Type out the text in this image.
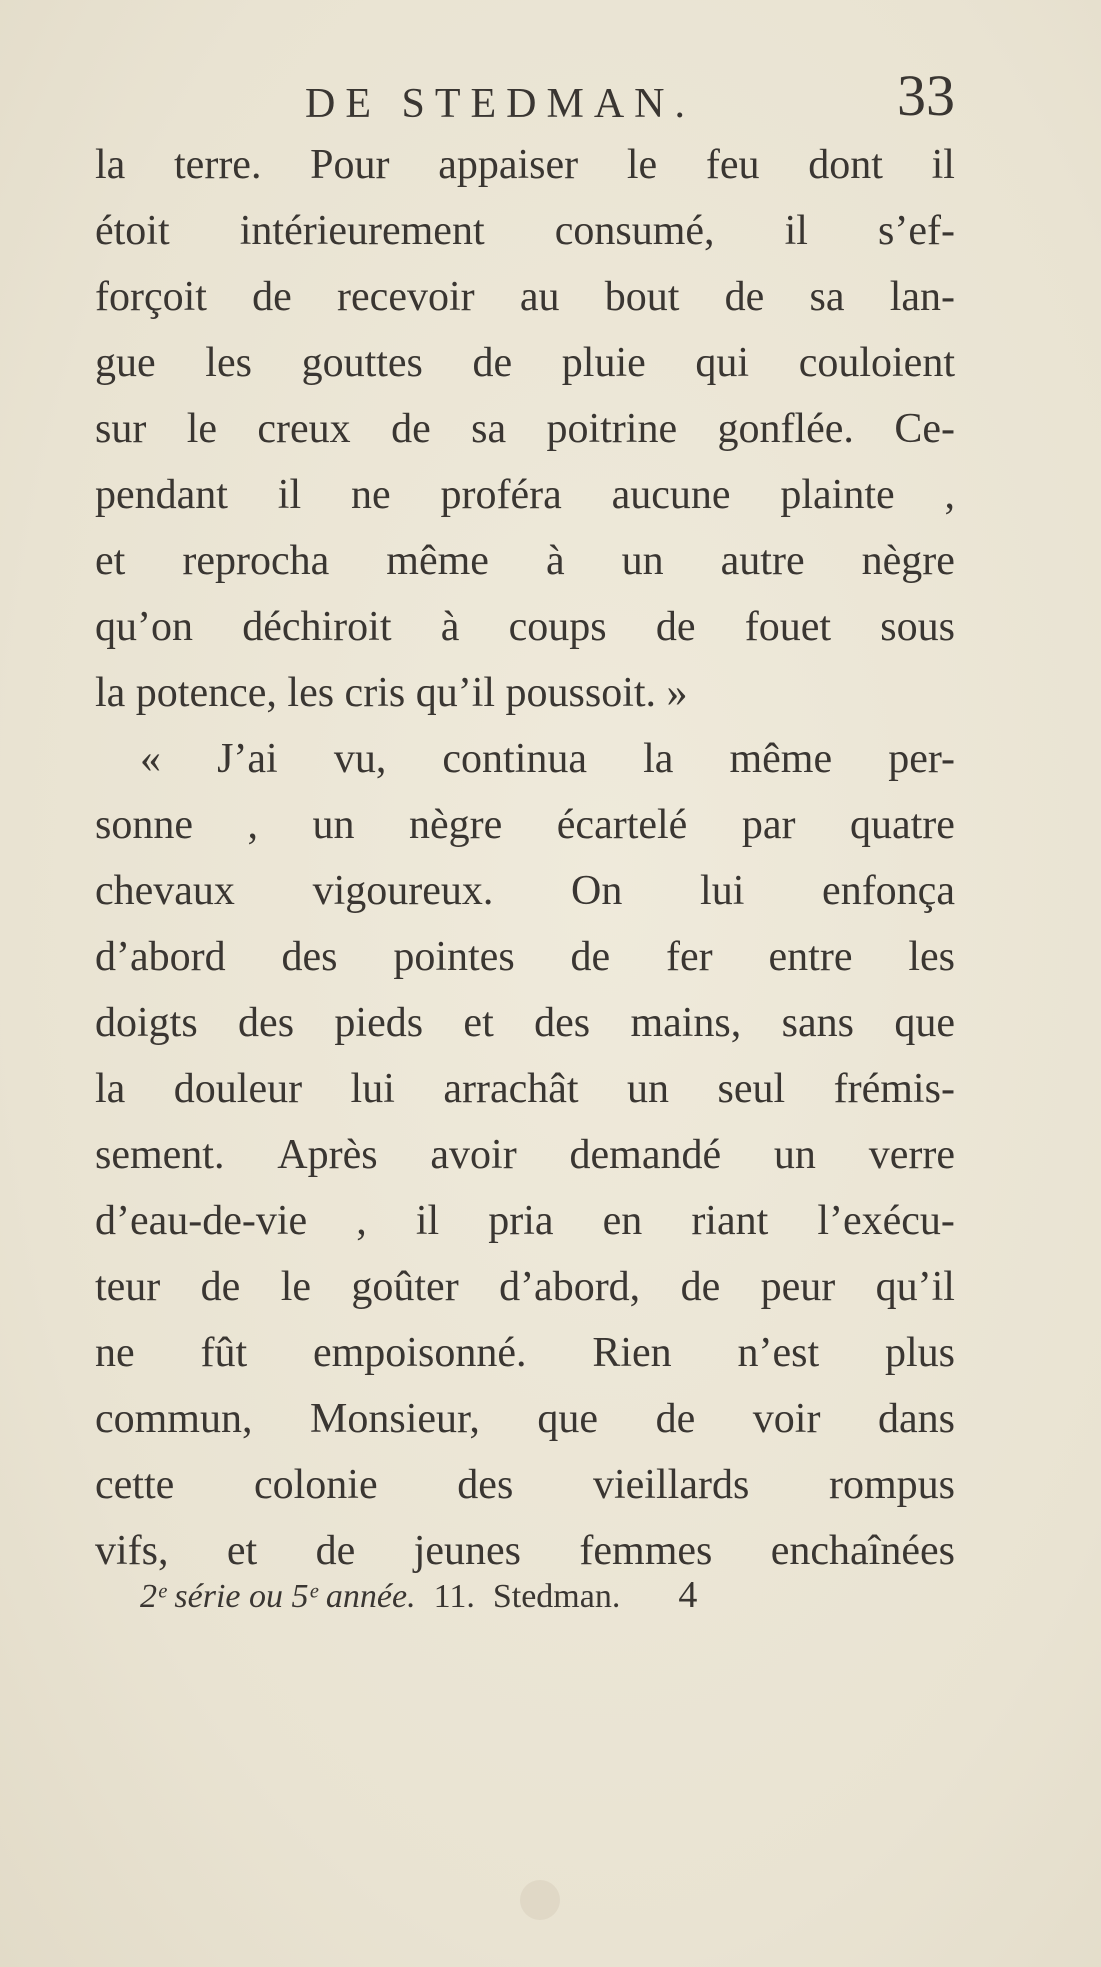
DE STEDMAN.	33
la terre. Pour appaiser le feu dont il
étoit intérieurement consumé, il s’ef-
forçoit de recevoir au bout de sa lan-
gue les gouttes de pluie qui couloient
sur le creux de sa poitrine gonflée. Ce-
pendant il ne proféra aucune plainte ,
et reprocha même à un autre nègre
qu’on déchiroit à coups de fouet sous
la potence, les cris qu’il poussoit. »
« J’ai vu, continua la même per-
sonne , un nègre écartelé par quatre
chevaux vigoureux. On lui enfonça
d’abord des pointes de fer entre les
doigts des pieds et des mains, sans que
la douleur lui arrachât un seul frémis-
sement. Après avoir demandé un verre
d’eau-de-vie , il pria en riant l’exécu-
teur de le goûter d’abord, de peur qu’il
ne fût empoisonné. Rien n’est plus
commun, Monsieur, que de voir dans
cette colonie des vieillards rompus
vifs, et de jeunes femmes enchaînées
2ᵉ série ou 5ᵉ année. 11. Stedman. 4
